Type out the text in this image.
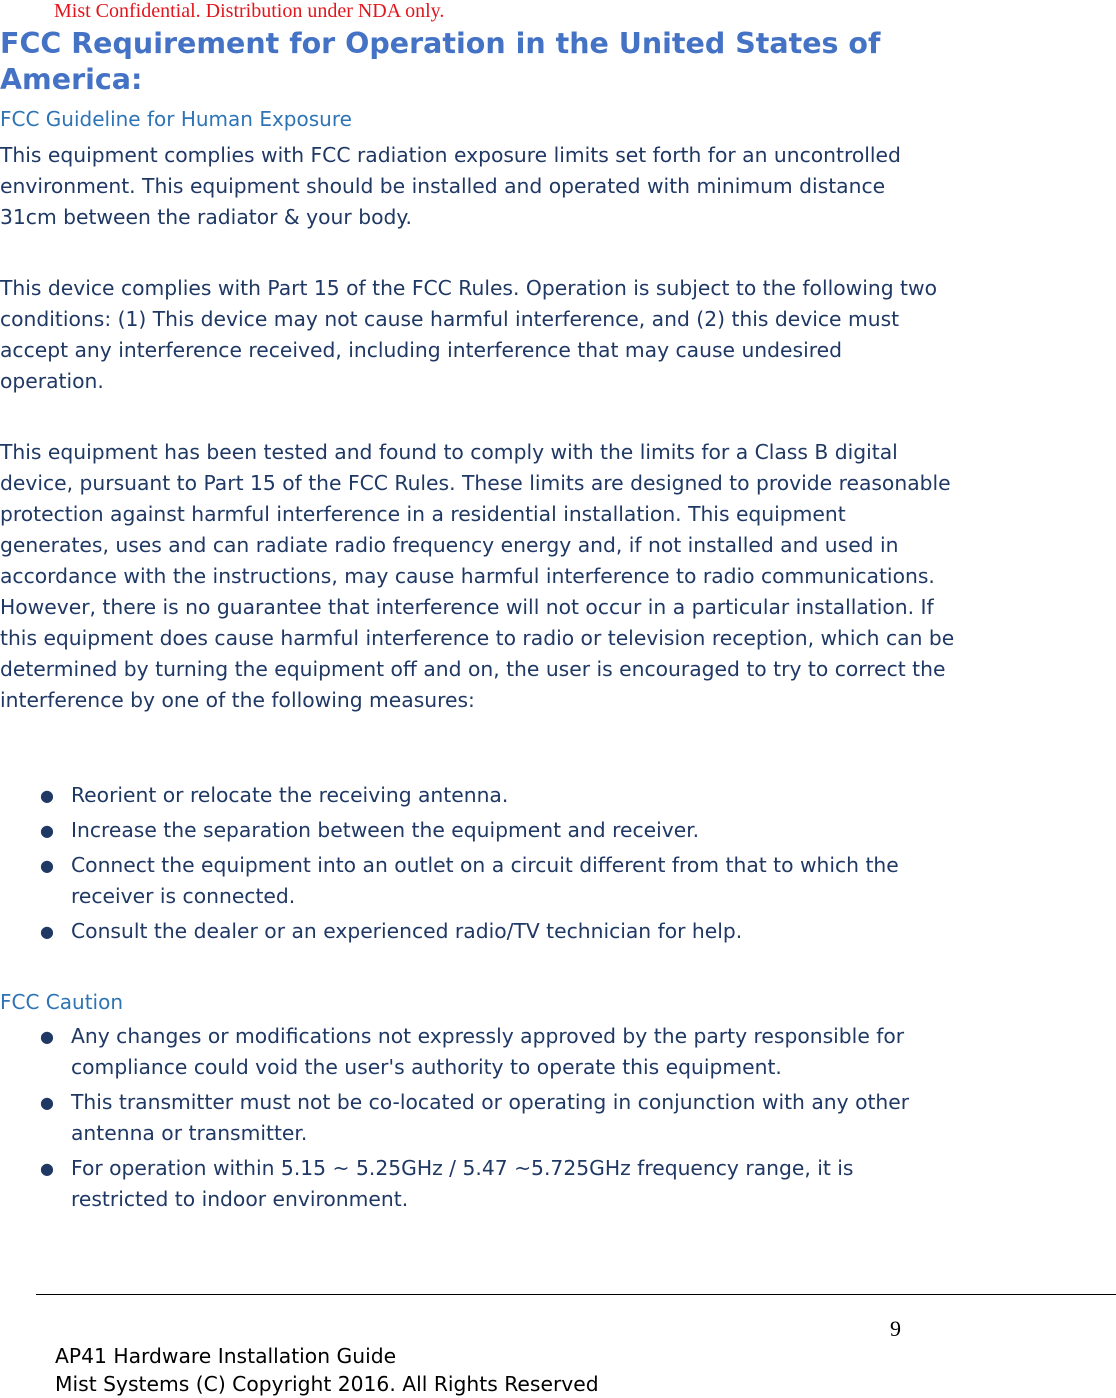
Mist Confidential. Distribution under NDA only.
FCC Requirement for Operation in the United States of America:
FCC Guideline for Human Exposure

This equipment complies with FCC radiation exposure limits set forth for an uncontrolled environment. This equipment should be installed and operated with minimum distance 31cm between the radiator & your body.

This device complies with Part 15 of the FCC Rules. Operation is subject to the following two conditions: (1) This device may not cause harmful interference, and (2) this device must accept any interference received, including interference that may cause undesired operation.

This equipment has been tested and found to comply with the limits for a Class B digital device, pursuant to Part 15 of the FCC Rules. These limits are designed to provide reasonable protection against harmful interference in a residential installation. This equipment generates, uses and can radiate radio frequency energy and, if not installed and used in accordance with the instructions, may cause harmful interference to radio communications. However, there is no guarantee that interference will not occur in a particular installation. If this equipment does cause harmful interference to radio or television reception, which can be determined by turning the equipment off and on, the user is encouraged to try to correct the interference by one of the following measures:

● Reorient or relocate the receiving antenna.
● Increase the separation between the equipment and receiver.
● Connect the equipment into an outlet on a circuit different from that to which the receiver is connected.
● Consult the dealer or an experienced radio/TV technician for help.
FCC Caution
● Any changes or modifications not expressly approved by the party responsible for compliance could void the user's authority to operate this equipment.
● This transmitter must not be co-located or operating in conjunction with any other antenna or transmitter.
● For operation within 5.15 ~ 5.25GHz / 5.47 ~5.725GHz frequency range, it is restricted to indoor environment.
9
AP41 Hardware Installation Guide
Mist Systems (C) Copyright 2016. All Rights Reserved
